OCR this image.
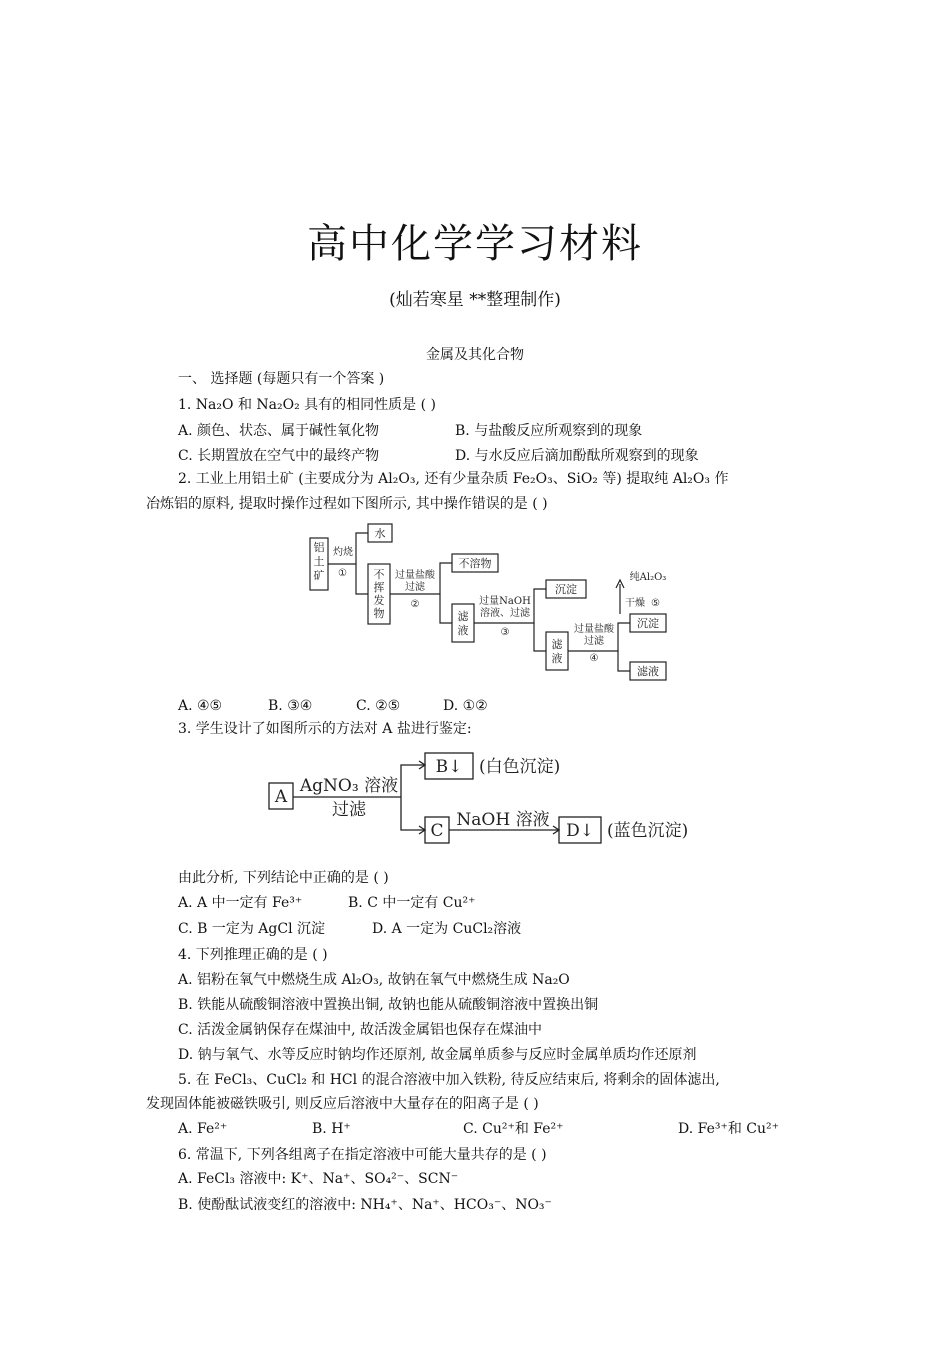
高中化学学习材料
(灿若寒星 **整理制作)
金属及其化合物
一、 选择题 (每题只有一个答案 )
1. Na₂O 和 Na₂O₂ 具有的相同性质是 ( )
A. 颜色、状态、属于碱性氧化物	B. 与盐酸反应所观察到的现象
C. 长期置放在空气中的最终产物	D. 与水反应后滴加酚酞所观察到的现象
2. 工业上用铝土矿 (主要成分为 Al₂O₃, 还有少量杂质 Fe₂O₃、SiO₂ 等) 提取纯 Al₂O₃ 作
冶炼铝的原料, 提取时操作过程如下图所示, 其中操作错误的是 ( )
铝
土
矿
灼烧
①
水
不
挥
发
物
过量盐酸
过滤
②
不溶物
滤
液
过量NaOH
溶液、过滤
③
沉淀
滤
液
过量盐酸
过滤
④
沉淀
滤液
纯Al₂O₃
干燥 ⑤
A. ④⑤	B. ③④	C. ②⑤	D. ①②
3. 学生设计了如图所示的方法对 A 盐进行鉴定:
A
AgNO₃ 溶液
过滤
B↓ (白色沉淀)
C
NaOH 溶液
D↓ (蓝色沉淀)
由此分析, 下列结论中正确的是 ( )
A. A 中一定有 Fe³⁺	B. C 中一定有 Cu²⁺
C. B 一定为 AgCl 沉淀	D. A 一定为 CuCl₂溶液
4. 下列推理正确的是 ( )
A. 铝粉在氧气中燃烧生成 Al₂O₃, 故钠在氧气中燃烧生成 Na₂O
B. 铁能从硫酸铜溶液中置换出铜, 故钠也能从硫酸铜溶液中置换出铜
C. 活泼金属钠保存在煤油中, 故活泼金属铝也保存在煤油中
D. 钠与氧气、水等反应时钠均作还原剂, 故金属单质参与反应时金属单质均作还原剂
5. 在 FeCl₃、CuCl₂ 和 HCl 的混合溶液中加入铁粉, 待反应结束后, 将剩余的固体滤出,
发现固体能被磁铁吸引, 则反应后溶液中大量存在的阳离子是 ( )
A. Fe²⁺	B. H⁺	C. Cu²⁺和 Fe²⁺	D. Fe³⁺和 Cu²⁺
6. 常温下, 下列各组离子在指定溶液中可能大量共存的是 ( )
A. FeCl₃ 溶液中: K⁺、Na⁺、SO₄²⁻、SCN⁻
B. 使酚酞试液变红的溶液中: NH₄⁺、Na⁺、HCO₃⁻、NO₃⁻
